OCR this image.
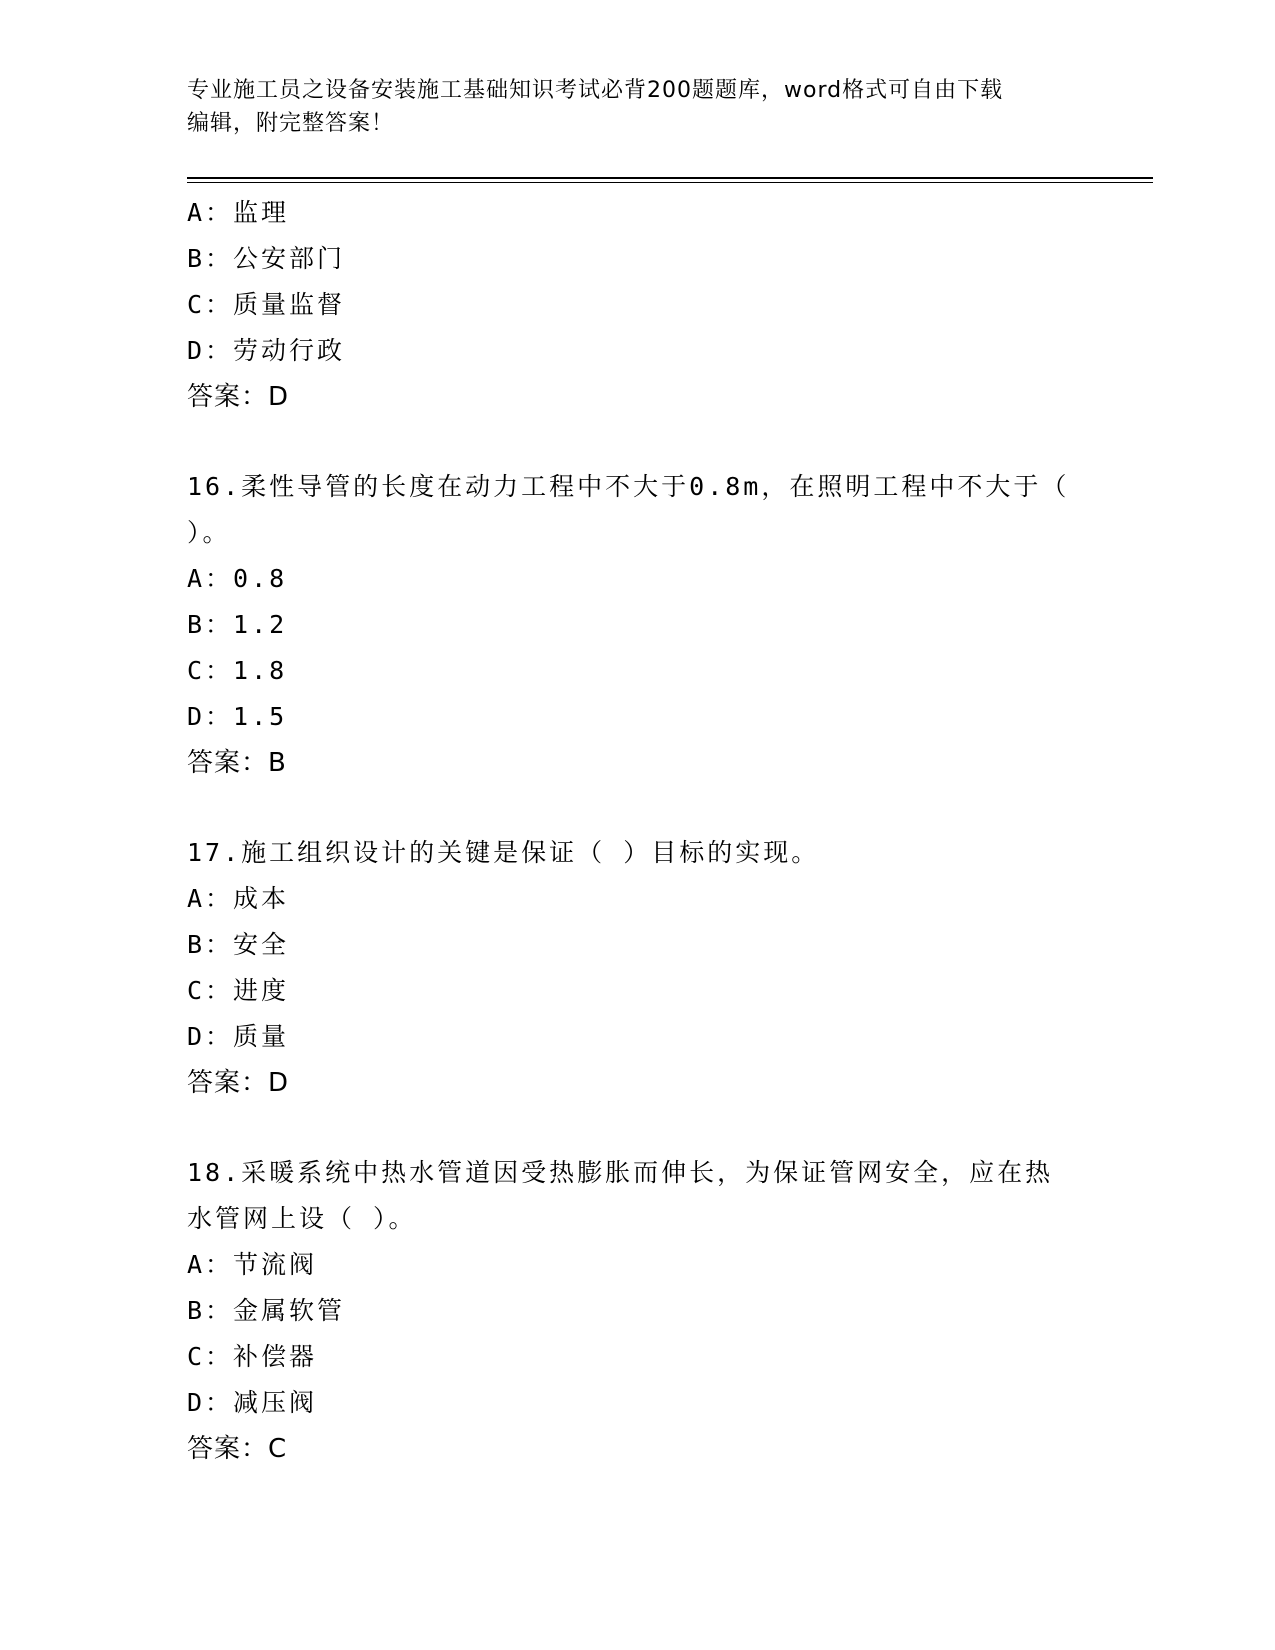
专业施工员之设备安装施工基础知识考试必背200题题库，word格式可自由下载
编辑，附完整答案！
A：监理
B：公安部门
C：质量监督
D：劳动行政
答案：D
16.柔性导管的长度在动力工程中不大于0.8m，在照明工程中不大于（
）。
A：0.8
B：1.2
C：1.8
D：1.5
答案：B
17.施工组织设计的关键是保证（ ）目标的实现。
A：成本
B：安全
C：进度
D：质量
答案：D
18.采暖系统中热水管道因受热膨胀而伸长，为保证管网安全，应在热
水管网上设（ ）。
A：节流阀
B：金属软管
C：补偿器
D：减压阀
答案：C
